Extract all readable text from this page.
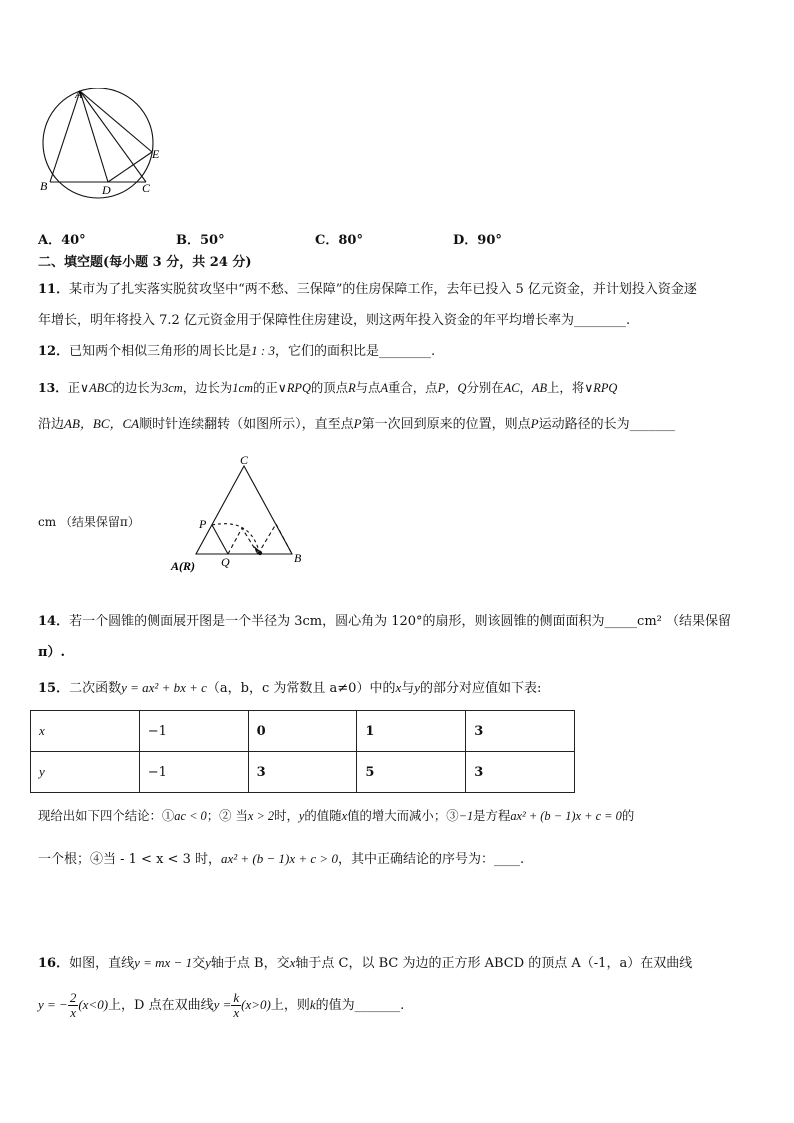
A
B	D	C
E
A．40°	B．50°	C．80°	D．90°
二、填空题(每小题 3 分，共 24 分)
11．某市为了扎实落实脱贫攻坚中“两不愁、三保障”的住房保障工作，去年已投入 5 亿元资金，并计划投入资金逐
年增长，明年将投入 7.2 亿元资金用于保障性住房建设，则这两年投入资金的年平均增长率为________.
12．已知两个相似三角形的周长比是1 : 3，它们的面积比是________.
13．正∨ABC的边长为3cm，边长为1cm的正∨RPQ的顶点R与点A重合，点P，Q分别在AC，AB上，将∨RPQ
沿边AB，BC，CA顺时针连续翻转（如图所示），直至点P第一次回到原来的位置，则点P运动路径的长为_______
cm （结果保留π）
C
P
A(R) Q	B
14．若一个圆锥的侧面展开图是一个半径为 3cm，圆心角为 120°的扇形，则该圆锥的侧面面积为_____cm² （结果保留
π）.
15．二次函数y = ax² + bx + c（a，b，c 为常数且 a≠0）中的x与y的部分对应值如下表:
x	−1	0	1	3
y	−1	3	5	3
现给出如下四个结论：①ac < 0；② 当x > 2时，y的值随x值的增大而减小；③−1是方程ax² + (b − 1)x + c = 0的
一个根；④当 - 1 < x < 3 时，ax² + (b − 1)x + c > 0，其中正确结论的序号为：____.
16．如图，直线y = mx − 1交y轴于点 B，交x轴于点 C，以 BC 为边的正方形 ABCD 的顶点 A（-1，a）在双曲线
y = − $\frac{2}{x} (x<0)$上，D 点在双曲线$y = \frac{k}{x} (x>0)$上，则k的值为_______.
